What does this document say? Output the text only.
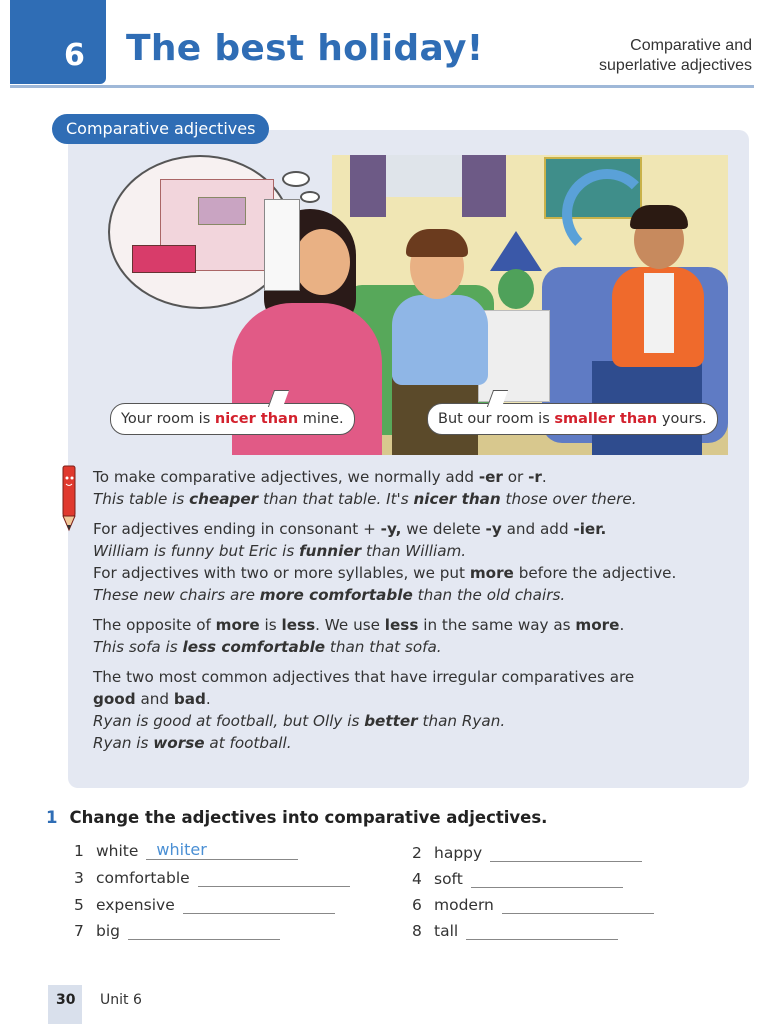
6 The best holiday!	Comparative and
superlative adjectives
Comparative adjectives
Your room is nicer than mine.	But our room is smaller than yours.

To make comparative adjectives, we normally add -er or -r.

This table is cheaper than that table. It's nicer than those over there.

For adjectives ending in consonant + -y, we delete -y and add -ier.

William is funny but Eric is funnier than William.

For adjectives with two or more syllables, we put more before the adjective.

These new chairs are more comfortable than the old chairs.

The opposite of more is less. We use less in the same way as more.

This sofa is less comfortable than that sofa.

The two most common adjectives that have irregular comparatives are

good and bad.

Ryan is good at football, but Olly is better than Ryan.

Ryan is worse at football.

1 Change the adjectives into comparative adjectives.
1 white whiter	2 happy
3 comfortable	4 soft
5 expensive	6 modern
7 big	8 tall
30 Unit 6
